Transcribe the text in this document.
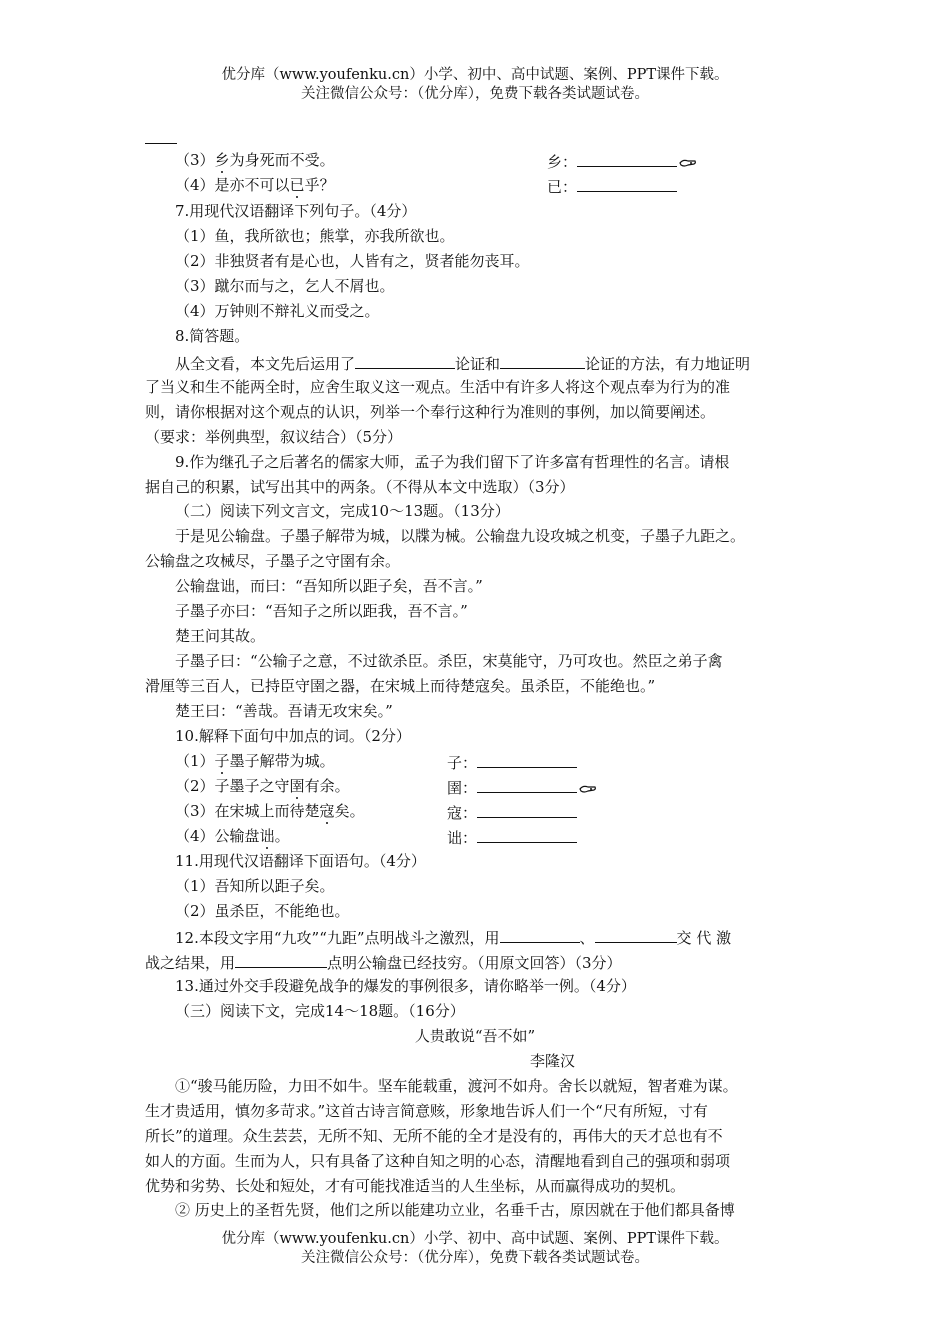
优分库（www.youfenku.cn）小学、初中、高中试题、案例、PPT课件下载。
关注微信公众号：（优分库），免费下载各类试题试卷。
（3）乡为身死而不受。	乡：
（4）是亦不可以已乎？	已：
7.用现代汉语翻译下列句子。（4分）
（1）鱼，我所欲也；熊掌，亦我所欲也。
（2）非独贤者有是心也，人皆有之，贤者能勿丧耳。
（3）蹴尔而与之，乞人不屑也。
（4）万钟则不辩礼义而受之。
8.简答题。
从全文看，本文先后运用了	论证和	论证的方法，有力地证明
了当义和生不能两全时，应舍生取义这一观点。生活中有许多人将这个观点奉为行为的准
则，请你根据对这个观点的认识，列举一个奉行这种行为准则的事例，加以简要阐述。
（要求：举例典型，叙议结合）（5分）
9.作为继孔子之后著名的儒家大师，孟子为我们留下了许多富有哲理性的名言。请根
据自己的积累，试写出其中的两条。（不得从本文中选取）（3分）
（二）阅读下列文言文，完成10～13题。（13分）
于是见公输盘。子墨子解带为城，以牒为械。公输盘九设攻城之机变，子墨子九距之。
公输盘之攻械尽，子墨子之守圉有余。
公输盘诎，而曰：“吾知所以距子矣，吾不言。”
子墨子亦曰：“吾知子之所以距我，吾不言。”
楚王问其故。
子墨子曰：“公输子之意，不过欲杀臣。杀臣，宋莫能守，乃可攻也。然臣之弟子禽
滑厘等三百人，已持臣守圉之器，在宋城上而待楚寇矣。虽杀臣，不能绝也。”
楚王曰：“善哉。吾请无攻宋矣。”
10.解释下面句中加点的词。（2分）
（1）子墨子解带为城。	子：
（2）子墨子之守圉有余。	圉：
（3）在宋城上而待楚寇矣。	寇：
（4）公输盘诎。	诎：
11.用现代汉语翻译下面语句。（4分）
（1）吾知所以距子矣。
（2）虽杀臣，不能绝也。
12.本段文字用“九攻”“九距”点明战斗之激烈，用	、	交 代 激
战之结果，用	点明公输盘已经技穷。（用原文回答）（3分）
13.通过外交手段避免战争的爆发的事例很多，请你略举一例。（4分）
（三）阅读下文，完成14～18题。（16分）
人贵敢说“吾不如”
李隆汉
①“骏马能历险，力田不如牛。坚车能载重，渡河不如舟。舍长以就短，智者难为谋。
生才贵适用，慎勿多苛求。”这首古诗言简意赅，形象地告诉人们一个“尺有所短，寸有
所长”的道理。众生芸芸，无所不知、无所不能的全才是没有的，再伟大的天才总也有不
如人的方面。生而为人，只有具备了这种自知之明的心态，清醒地看到自己的强项和弱项
优势和劣势、长处和短处，才有可能找准适当的人生坐标，从而赢得成功的契机。
② 历史上的圣哲先贤，他们之所以能建功立业，名垂千古，原因就在于他们都具备博
优分库（www.youfenku.cn）小学、初中、高中试题、案例、PPT课件下载。
关注微信公众号：（优分库），免费下载各类试题试卷。
